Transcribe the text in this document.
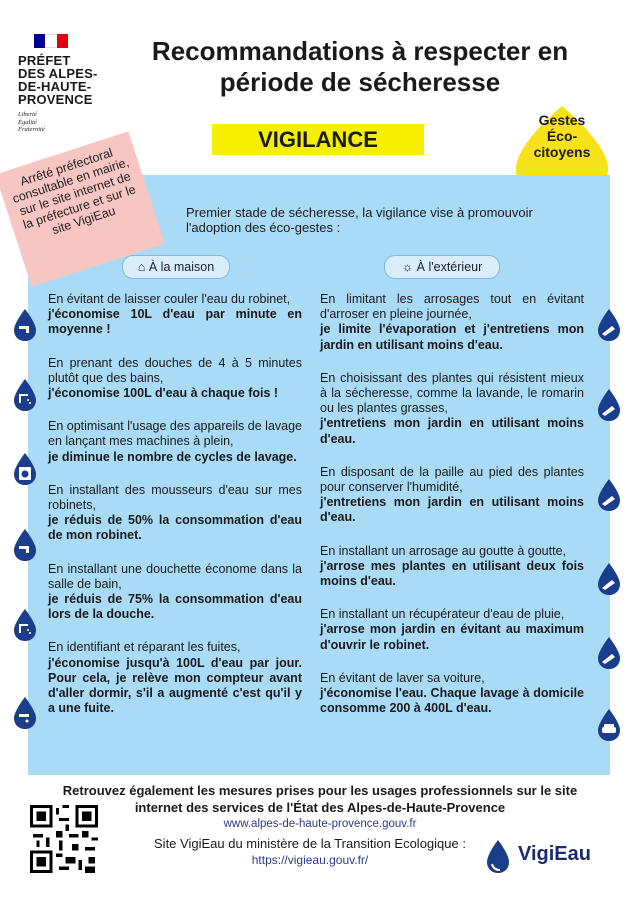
PRÉFET
DES ALPES-
DE-HAUTE-
PROVENCE
Liberté
Égalité
Fraternité
Recommandations à respecter en
période de sécheresse
VIGILANCE
Gestes
Éco-
citoyens
Arrêté préfectoral consultable en mairie, sur le site internet de la préfecture et sur le site VigiEau	Premier stade de sécheresse, la vigilance vise à promouvoir l'adoption des éco-gestes :
⌂ À la maison	☼ À l'extérieur
En évitant de laisser couler l'eau du robinet,
j'économise 10L d'eau par minute en moyenne !
En prenant des douches de 4 à 5 minutes plutôt que des bains,
j'économise 100L d'eau à chaque fois !
En optimisant l'usage des appareils de lavage en lançant mes machines à plein,
je diminue le nombre de cycles de lavage.
En installant des mousseurs d'eau sur mes robinets,
je réduis de 50% la consommation d'eau de mon robinet.
En installant une douchette économe dans la salle de bain,
je réduis de 75% la consommation d'eau lors de la douche.
En identifiant et réparant les fuites,
j'économise jusqu'à 100L d'eau par jour. Pour cela, je relève mon compteur avant d'aller dormir, s'il a augmenté c'est qu'il y a une fuite.
En limitant les arrosages tout en évitant d'arroser en pleine journée,
je limite l'évaporation et j'entretiens mon jardin en utilisant moins d'eau.
En choisissant des plantes qui résistent mieux à la sécheresse, comme la lavande, le romarin ou les plantes grasses,
j'entretiens mon jardin en utilisant moins d'eau.
En disposant de la paille au pied des plantes pour conserver l'humidité,
j'entretiens mon jardin en utilisant moins d'eau.
En installant un arrosage au goutte à goutte,
j'arrose mes plantes en utilisant deux fois moins d'eau.
En installant un récupérateur d'eau de pluie,
j'arrose mon jardin en évitant au maximum d'ouvrir le robinet.
En évitant de laver sa voiture,
j'économise l'eau. Chaque lavage à domicile consomme 200 à 400L d'eau.
Retrouvez également les mesures prises pour les usages professionnels sur le site
internet des services de l'État des Alpes-de-Haute-Provence
www.alpes-de-haute-provence.gouv.fr
Site VigiEau du ministère de la Transition Ecologique :
https://vigieau.gouv.fr/	VigiEau
